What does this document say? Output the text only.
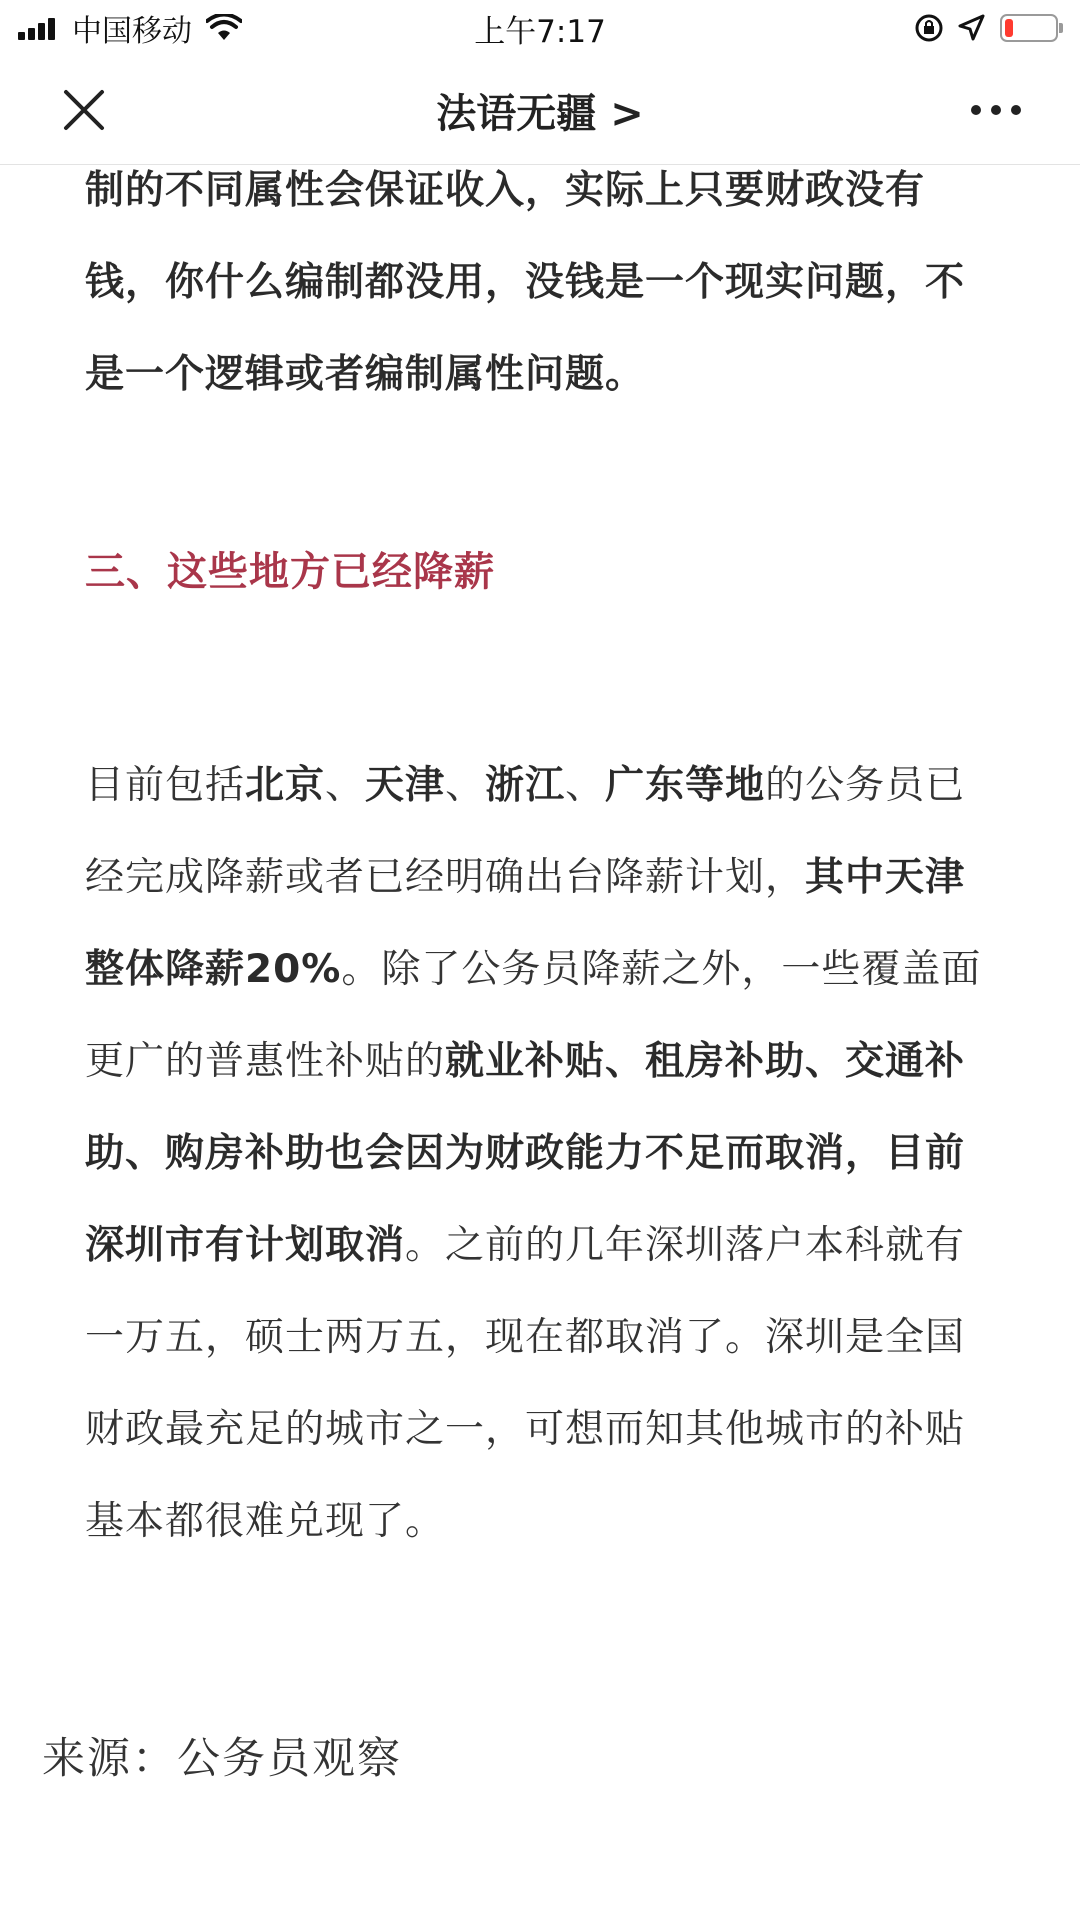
中国移动	上午7:17
法语无疆 >

制的不同属性会保证收入，实际上只要财政没有钱，你什么编制都没用，没钱是一个现实问题，不是一个逻辑或者编制属性问题。

三、这些地方已经降薪

目前包括北京、天津、浙江、广东等地的公务员已经完成降薪或者已经明确出台降薪计划，其中天津整体降薪20%。除了公务员降薪之外，一些覆盖面更广的普惠性补贴的就业补贴、租房补助、交通补助、购房补助也会因为财政能力不足而取消，目前深圳市有计划取消。之前的几年深圳落户本科就有一万五，硕士两万五，现在都取消了。深圳是全国财政最充足的城市之一，可想而知其他城市的补贴基本都很难兑现了。

来源：公务员观察
